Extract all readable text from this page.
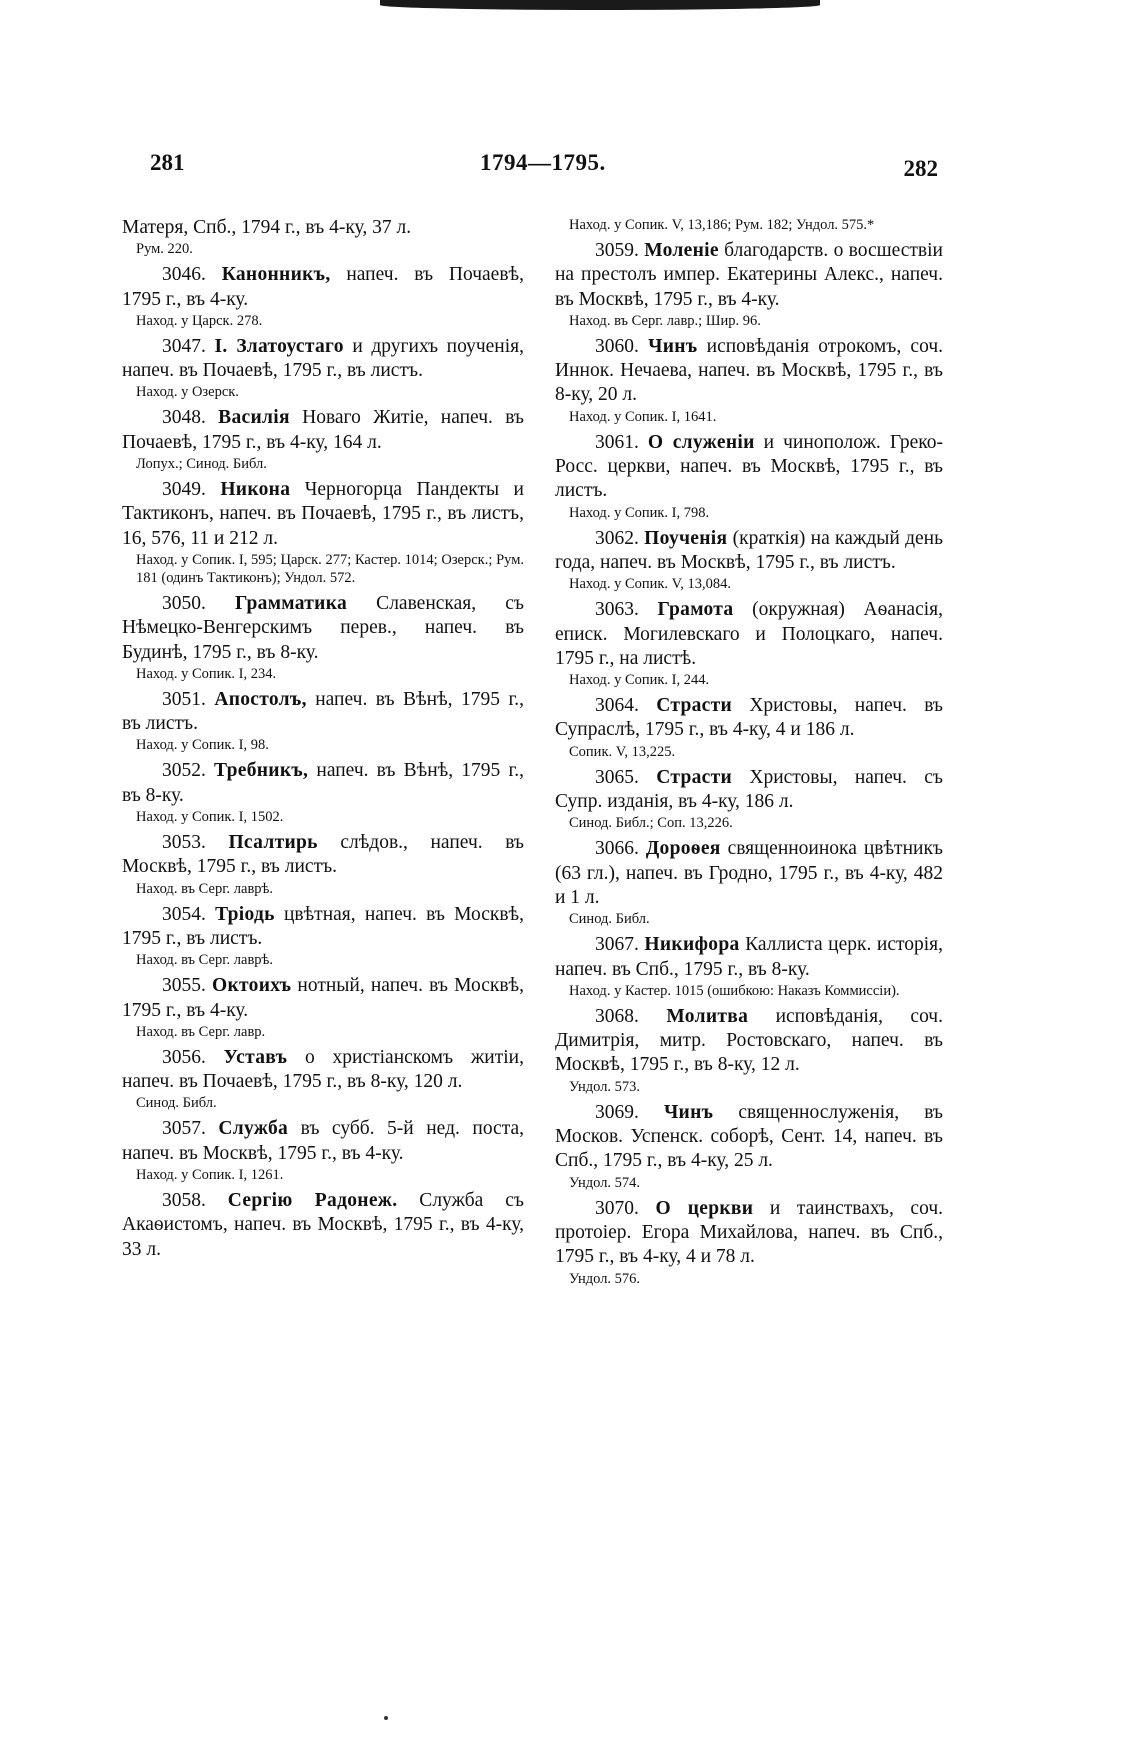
281	1794—1795.	282

Матеря, Спб., 1794 г., въ 4-ку, 37 л.

Рум. 220.

3046. Канонникъ, напеч. въ Почаевѣ, 1795 г., въ 4-ку.

Наход. у Царск. 278.

3047. I. Златоустаго и другихъ поученія, напеч. въ Почаевѣ, 1795 г., въ листъ.

Наход. у Озерск.

3048. Василія Новаго Житіе, напеч. въ Почаевѣ, 1795 г., въ 4-ку, 164 л.

Лопух.; Синод. Библ.

3049. Никона Черногорца Пандекты и Тактиконъ, напеч. въ Почаевѣ, 1795 г., въ листъ, 16, 576, 11 и 212 л.

Наход. у Сопик. I, 595; Царск. 277; Кастер. 1014; Озерск.; Рум. 181 (одинъ Тактиконъ); Ундол. 572.

3050. Грамматика Славенская, съ Нѣмецко-Венгерскимъ перев., напеч. въ Будинѣ, 1795 г., въ 8-ку.

Наход. у Сопик. I, 234.

3051. Апостолъ, напеч. въ Вѣнѣ, 1795 г., въ листъ.

Наход. у Сопик. I, 98.

3052. Требникъ, напеч. въ Вѣнѣ, 1795 г., въ 8-ку.

Наход. у Сопик. I, 1502.

3053. Псалтирь слѣдов., напеч. въ Москвѣ, 1795 г., въ листъ.

Наход. въ Серг. лаврѣ.

3054. Тріодь цвѣтная, напеч. въ Москвѣ, 1795 г., въ листъ.

Наход. въ Серг. лаврѣ.

3055. Октоихъ нотный, напеч. въ Москвѣ, 1795 г., въ 4-ку.

Наход. въ Серг. лавр.

3056. Уставъ о христіанскомъ житіи, напеч. въ Почаевѣ, 1795 г., въ 8-ку, 120 л.

Синод. Библ.

3057. Служба въ субб. 5-й нед. поста, напеч. въ Москвѣ, 1795 г., въ 4-ку.

Наход. у Сопик. I, 1261.

3058. Сергію Радонеж. Служба съ Акаѳистомъ, напеч. въ Москвѣ, 1795 г., въ 4-ку, 33 л.

Наход. у Сопик. V, 13,186; Рум. 182; Ундол. 575.*

3059. Моленіе благодарств. о восшествіи на престолъ импер. Екатерины Алекс., напеч. въ Москвѣ, 1795 г., въ 4-ку.

Наход. въ Серг. лавр.; Шир. 96.

3060. Чинъ исповѣданія отрокомъ, соч. Иннок. Нечаева, напеч. въ Москвѣ, 1795 г., въ 8-ку, 20 л.

Наход. у Сопик. I, 1641.

3061. О служеніи и чинополож. Греко-Росс. церкви, напеч. въ Москвѣ, 1795 г., въ листъ.

Наход. у Сопик. I, 798.

3062. Поученія (краткія) на каждый день года, напеч. въ Москвѣ, 1795 г., въ листъ.

Наход. у Сопик. V, 13,084.

3063. Грамота (окружная) Аѳанасія, еписк. Могилевскаго и Полоцкаго, напеч. 1795 г., на листѣ.

Наход. у Сопик. I, 244.

3064. Страсти Христовы, напеч. въ Супраслѣ, 1795 г., въ 4-ку, 4 и 186 л.

Сопик. V, 13,225.

3065. Страсти Христовы, напеч. съ Супр. изданія, въ 4-ку, 186 л.

Синод. Библ.; Соп. 13,226.

3066. Дороѳея священноинока цвѣтникъ (63 гл.), напеч. въ Гродно, 1795 г., въ 4-ку, 482 и 1 л.

Синод. Библ.

3067. Никифора Каллиста церк. исторія, напеч. въ Спб., 1795 г., въ 8-ку.

Наход. у Кастер. 1015 (ошибкою: Наказъ Коммиссіи).

3068. Молитва исповѣданія, соч. Димитрія, митр. Ростовскаго, напеч. въ Москвѣ, 1795 г., въ 8-ку, 12 л.

Ундол. 573.

3069. Чинъ священнослуженія, въ Москов. Успенск. соборѣ, Сент. 14, напеч. въ Спб., 1795 г., въ 4-ку, 25 л.

Ундол. 574.

3070. О церкви и таинствахъ, соч. протоіер. Егора Михайлова, напеч. въ Спб., 1795 г., въ 4-ку, 4 и 78 л.

Ундол. 576.
